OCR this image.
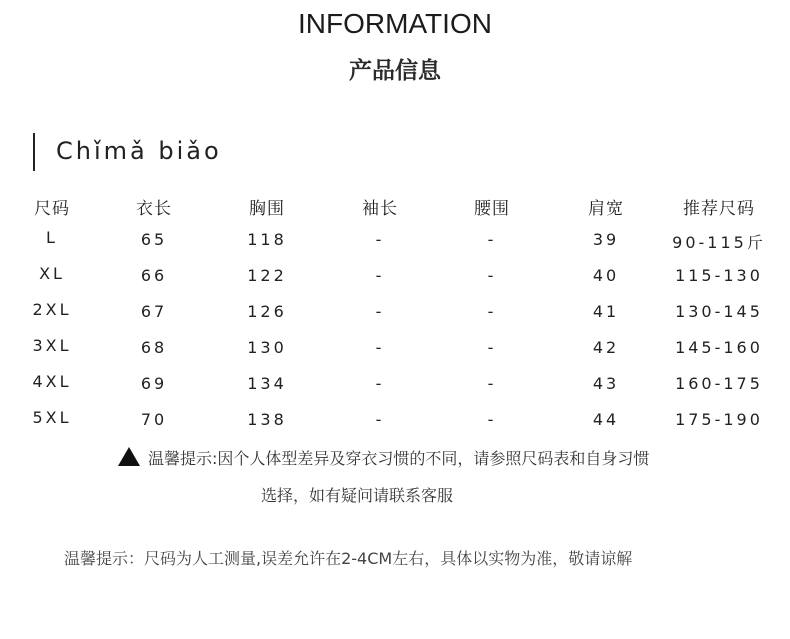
INFORMATION
产品信息
Chǐmǎ biǎo
尺码	衣长	胸围	袖长	腰围	肩宽	推荐尺码
L	65	118	-	-	39	90-115斤
XL	66	122	-	-	40	115-130
2XL	67	126	-	-	41	130-145
3XL	68	130	-	-	42	145-160
4XL	69	134	-	-	43	160-175
5XL	70	138	-	-	44	175-190
温馨提示:因个人体型差异及穿衣习惯的不同，请参照尺码表和自身习惯
选择，如有疑问请联系客服
温馨提示：尺码为人工测量,误差允许在2-4CM左右，具体以实物为准，敬请谅解
